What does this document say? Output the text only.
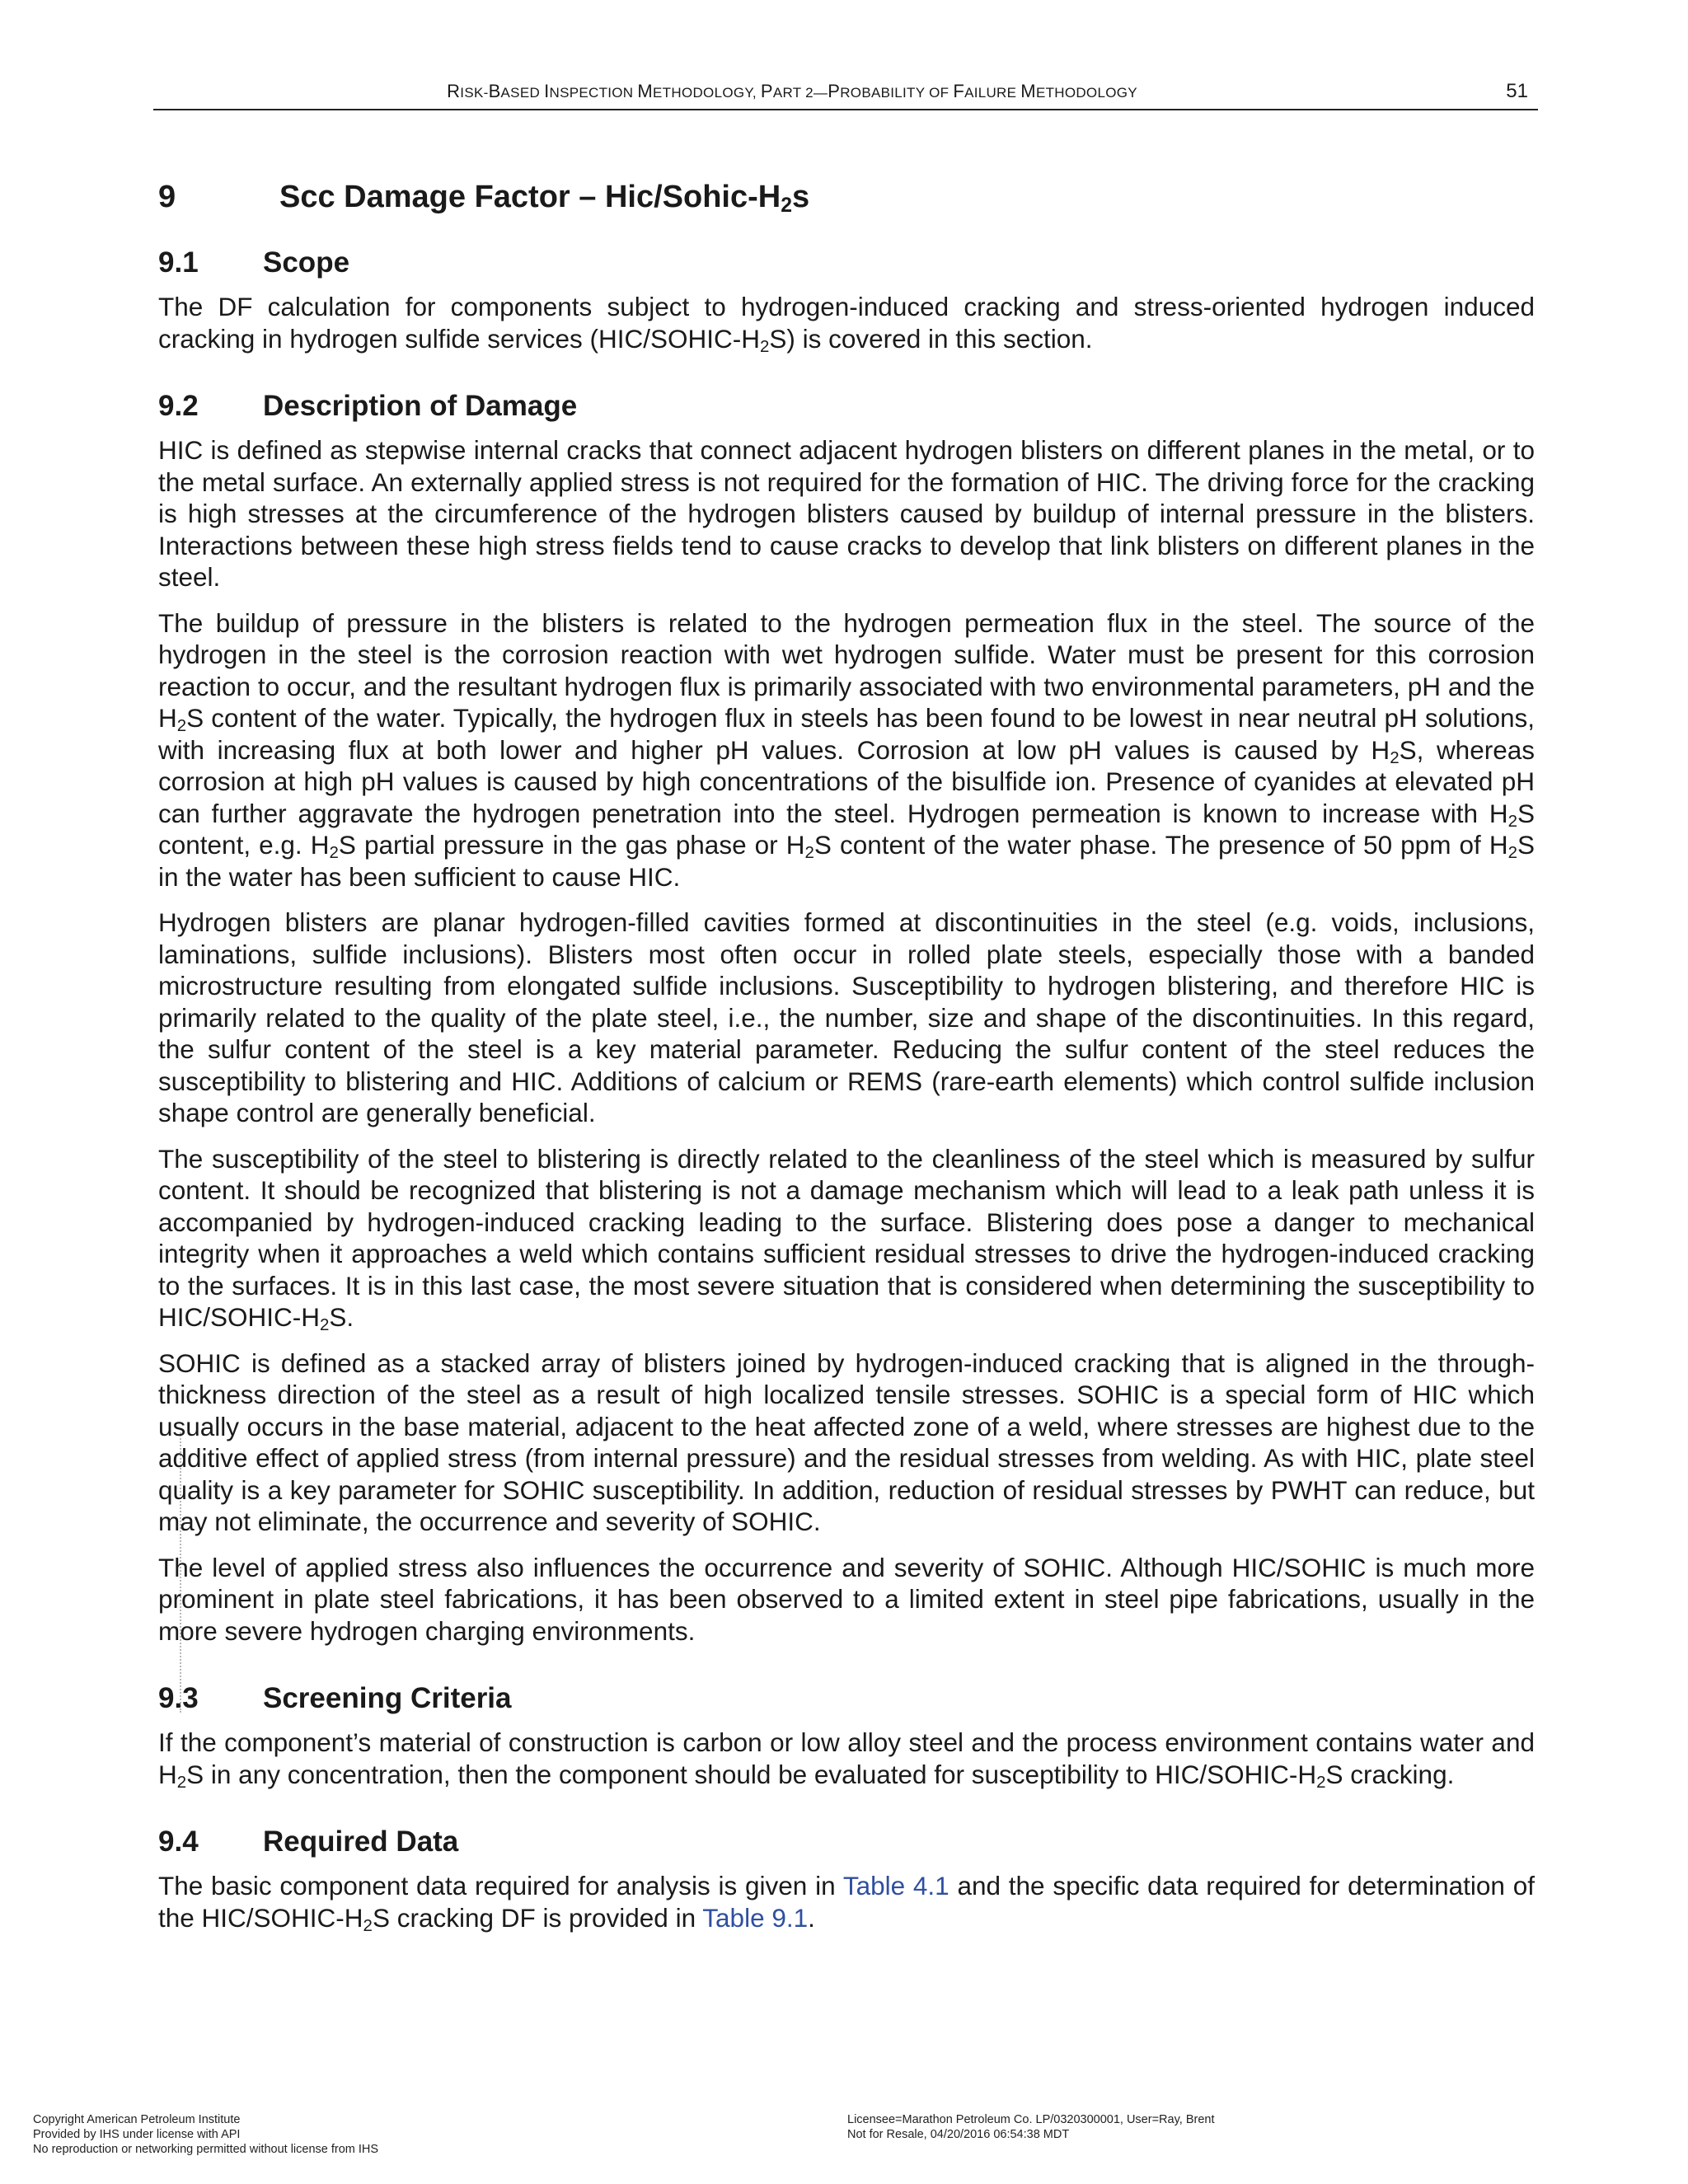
RISK-BASED INSPECTION METHODOLOGY, PART 2—PROBABILITY OF FAILURE METHODOLOGY	51
9	Scc Damage Factor – Hic/$Sohic-H_2s$
9.1	Scope

The DF calculation for components subject to hydrogen-induced cracking and stress-oriented hydrogen induced cracking in hydrogen sulfide services $(HIC/SOHIC-H_2S)$ is covered in this section.

9.2	Description of Damage

HIC is defined as stepwise internal cracks that connect adjacent hydrogen blisters on different planes in the metal, or to the metal surface. An externally applied stress is not required for the formation of HIC. The driving force for the cracking is high stresses at the circumference of the hydrogen blisters caused by buildup of internal pressure in the blisters. Interactions between these high stress fields tend to cause cracks to develop that link blisters on different planes in the steel.

The buildup of pressure in the blisters is related to the hydrogen permeation flux in the steel. The source of the hydrogen in the steel is the corrosion reaction with wet hydrogen sulfide. Water must be present for this corrosion reaction to occur, and the resultant hydrogen flux is primarily associated with two environmental parameters, pH and the $H_2S$ content of the water. Typically, the hydrogen flux in steels has been found to be lowest in near neutral pH solutions, with increasing flux at both lower and higher pH values. Corrosion at low pH values is caused by $H_2S$, whereas corrosion at high pH values is caused by high concentrations of the bisulfide ion. Presence of cyanides at elevated pH can further aggravate the hydrogen penetration into the steel. Hydrogen permeation is known to increase with $H_2S$ content, e.g. $H_2S$ partial pressure in the gas phase or $H_2S$ content of the water phase. The presence of 50 ppm of $H_2S$ in the water has been sufficient to cause HIC.

Hydrogen blisters are planar hydrogen-filled cavities formed at discontinuities in the steel (e.g. voids, inclusions, laminations, sulfide inclusions). Blisters most often occur in rolled plate steels, especially those with a banded microstructure resulting from elongated sulfide inclusions. Susceptibility to hydrogen blistering, and therefore HIC is primarily related to the quality of the plate steel, i.e., the number, size and shape of the discontinuities. In this regard, the sulfur content of the steel is a key material parameter. Reducing the sulfur content of the steel reduces the susceptibility to blistering and HIC. Additions of calcium or REMS (rare-earth elements) which control sulfide inclusion shape control are generally beneficial.

The susceptibility of the steel to blistering is directly related to the cleanliness of the steel which is measured by sulfur content. It should be recognized that blistering is not a damage mechanism which will lead to a leak path unless it is accompanied by hydrogen-induced cracking leading to the surface. Blistering does pose a danger to mechanical integrity when it approaches a weld which contains sufficient residual stresses to drive the hydrogen-induced cracking to the surfaces. It is in this last case, the most severe situation that is considered when determining the susceptibility to HIC/$SOHIC-H_2S$.

SOHIC is defined as a stacked array of blisters joined by hydrogen-induced cracking that is aligned in the through-thickness direction of the steel as a result of high localized tensile stresses. SOHIC is a special form of HIC which usually occurs in the base material, adjacent to the heat affected zone of a weld, where stresses are highest due to the additive effect of applied stress (from internal pressure) and the residual stresses from welding. As with HIC, plate steel quality is a key parameter for SOHIC susceptibility. In addition, reduction of residual stresses by PWHT can reduce, but may not eliminate, the occurrence and severity of SOHIC.

The level of applied stress also influences the occurrence and severity of SOHIC. Although HIC/SOHIC is much more prominent in plate steel fabrications, it has been observed to a limited extent in steel pipe fabrications, usually in the more severe hydrogen charging environments.

9.3	Screening Criteria

If the component’s material of construction is carbon or low alloy steel and the process environment contains water and $H_2S$ in any concentration, then the component should be evaluated for susceptibility to HIC/$SOHIC-H_2S$ cracking.

9.4	Required Data

The basic component data required for analysis is given in Table 4.1 and the specific data required for determination of the HIC/$SOHIC-H_2S$ cracking DF is provided in Table 9.1.

Copyright American Petroleum Institute
Provided by IHS under license with API
No reproduction or networking permitted without license from IHS
Licensee=Marathon Petroleum Co. LP/0320300001, User=Ray, Brent
Not for Resale, 04/20/2016 06:54:38 MDT
